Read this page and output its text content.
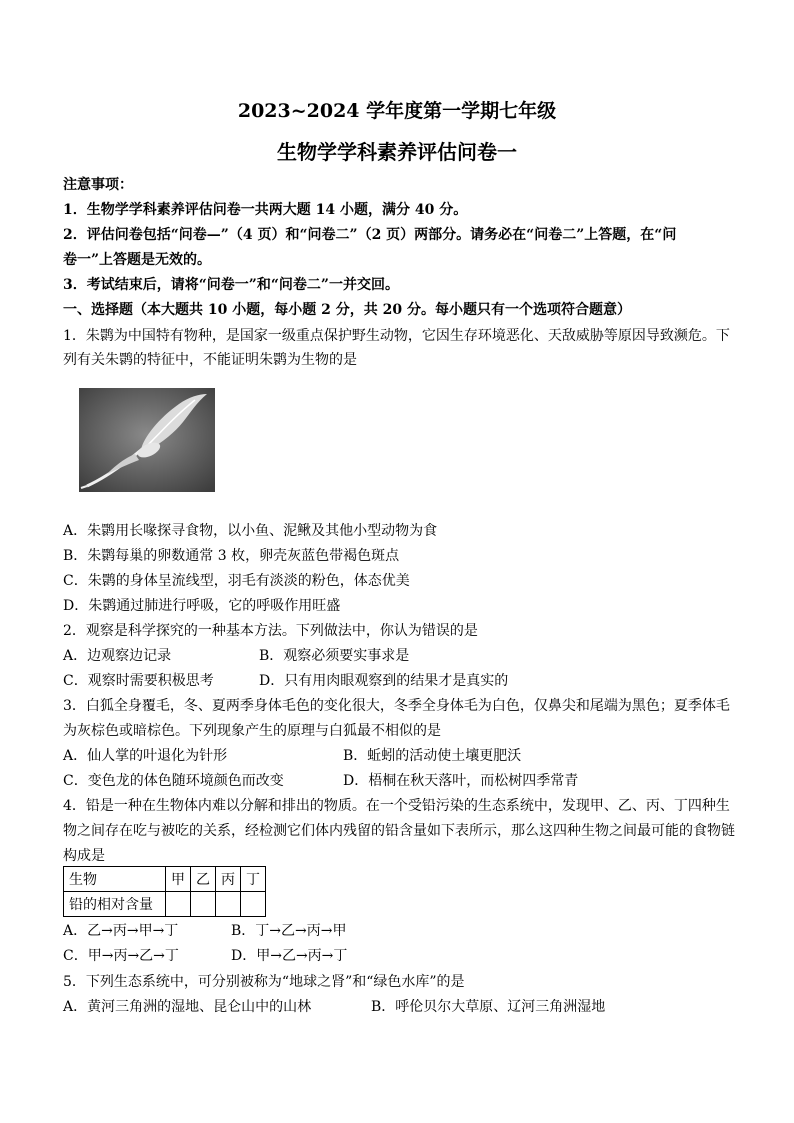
2023~2024 学年度第一学期七年级
生物学学科素养评估问卷一
注意事项：
1．生物学学科素养评估问卷一共两大题 14 小题，满分 40 分。
2．评估问卷包括“问卷—”（4 页）和“问卷二”（2 页）两部分。请务必在“问卷二”上答题，在“问
卷一”上答题是无效的。
3．考试结束后，请将“问卷一”和“问卷二”一并交回。
一、选择题（本大题共 10 小题，每小题 2 分，共 20 分。每小题只有一个选项符合题意）
1．朱鹮为中国特有物种，是国家一级重点保护野生动物，它因生存环境恶化、天敌威胁等原因导致濒危。下
列有关朱鹮的特征中，不能证明朱鹮为生物的是
A．朱鹮用长喙探寻食物，以小鱼、泥鳅及其他小型动物为食
B．朱鹮每巢的卵数通常 3 枚，卵壳灰蓝色带褐色斑点
C．朱鹮的身体呈流线型，羽毛有淡淡的粉色，体态优美
D．朱鹮通过肺进行呼吸，它的呼吸作用旺盛
2．观察是科学探究的一种基本方法。下列做法中，你认为错误的是
A．边观察边记录	B．观察必须要实事求是
C．观察时需要积极思考	D．只有用肉眼观察到的结果才是真实的
3．白狐全身覆毛，冬、夏两季身体毛色的变化很大，冬季全身体毛为白色，仅鼻尖和尾端为黑色；夏季体毛
为灰棕色或暗棕色。下列现象产生的原理与白狐最不相似的是
A．仙人掌的叶退化为针形	B．蚯蚓的活动使土壤更肥沃
C．变色龙的体色随环境颜色而改变	D．梧桐在秋天落叶，而松树四季常青
4．铅是一种在生物体内难以分解和排出的物质。在一个受铅污染的生态系统中，发现甲、乙、丙、丁四种生
物之间存在吃与被吃的关系，经检测它们体内残留的铅含量如下表所示，那么这四种生物之间最可能的食物链
构成是
生物	甲	乙	丙	丁
铅的相对含量				
A．乙→丙→甲→丁	B．丁→乙→丙→甲
C．甲→丙→乙→丁	D．甲→乙→丙→丁
5．下列生态系统中，可分别被称为“地球之肾”和“绿色水库”的是
A．黄河三角洲的湿地、昆仑山中的山林	B．呼伦贝尔大草原、辽河三角洲湿地
